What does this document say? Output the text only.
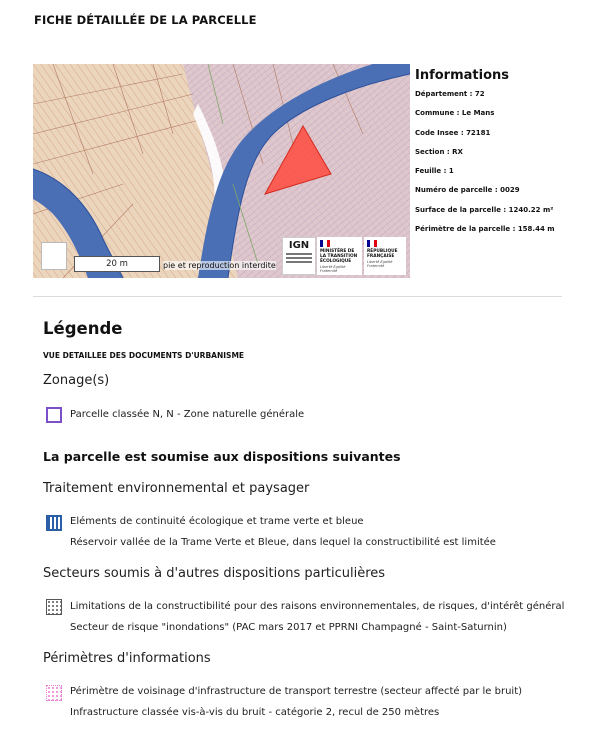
FICHE DÉTAILLÉE DE LA PARCELLE
20 m	pie et reproduction interdite
IGN
MINISTÈRE DE LA TRANSITION ÉCOLOGIQUE
Liberté Égalité Fraternité
RÉPUBLIQUE FRANÇAISE
Liberté Égalité Fraternité
Informations
Département : 72
Commune : Le Mans
Code Insee : 72181
Section : RX
Feuille : 1
Numéro de parcelle : 0029
Surface de la parcelle : 1240.22 m²
Périmètre de la parcelle : 158.44 m
Légende
VUE DETAILLEE DES DOCUMENTS D'URBANISME
Zonage(s)
Parcelle classée N, N - Zone naturelle générale
La parcelle est soumise aux dispositions suivantes
Traitement environnemental et paysager
Eléments de continuité écologique et trame verte et bleue
Réservoir vallée de la Trame Verte et Bleue, dans lequel la constructibilité est limitée
Secteurs soumis à d'autres dispositions particulières
Limitations de la constructibilité pour des raisons environnementales, de risques, d'intérêt général
Secteur de risque "inondations" (PAC mars 2017 et PPRNI Champagné - Saint-Saturnin)
Périmètres d'informations
Périmètre de voisinage d'infrastructure de transport terrestre (secteur affecté par le bruit)
Infrastructure classée vis-à-vis du bruit - catégorie 2, recul de 250 mètres
